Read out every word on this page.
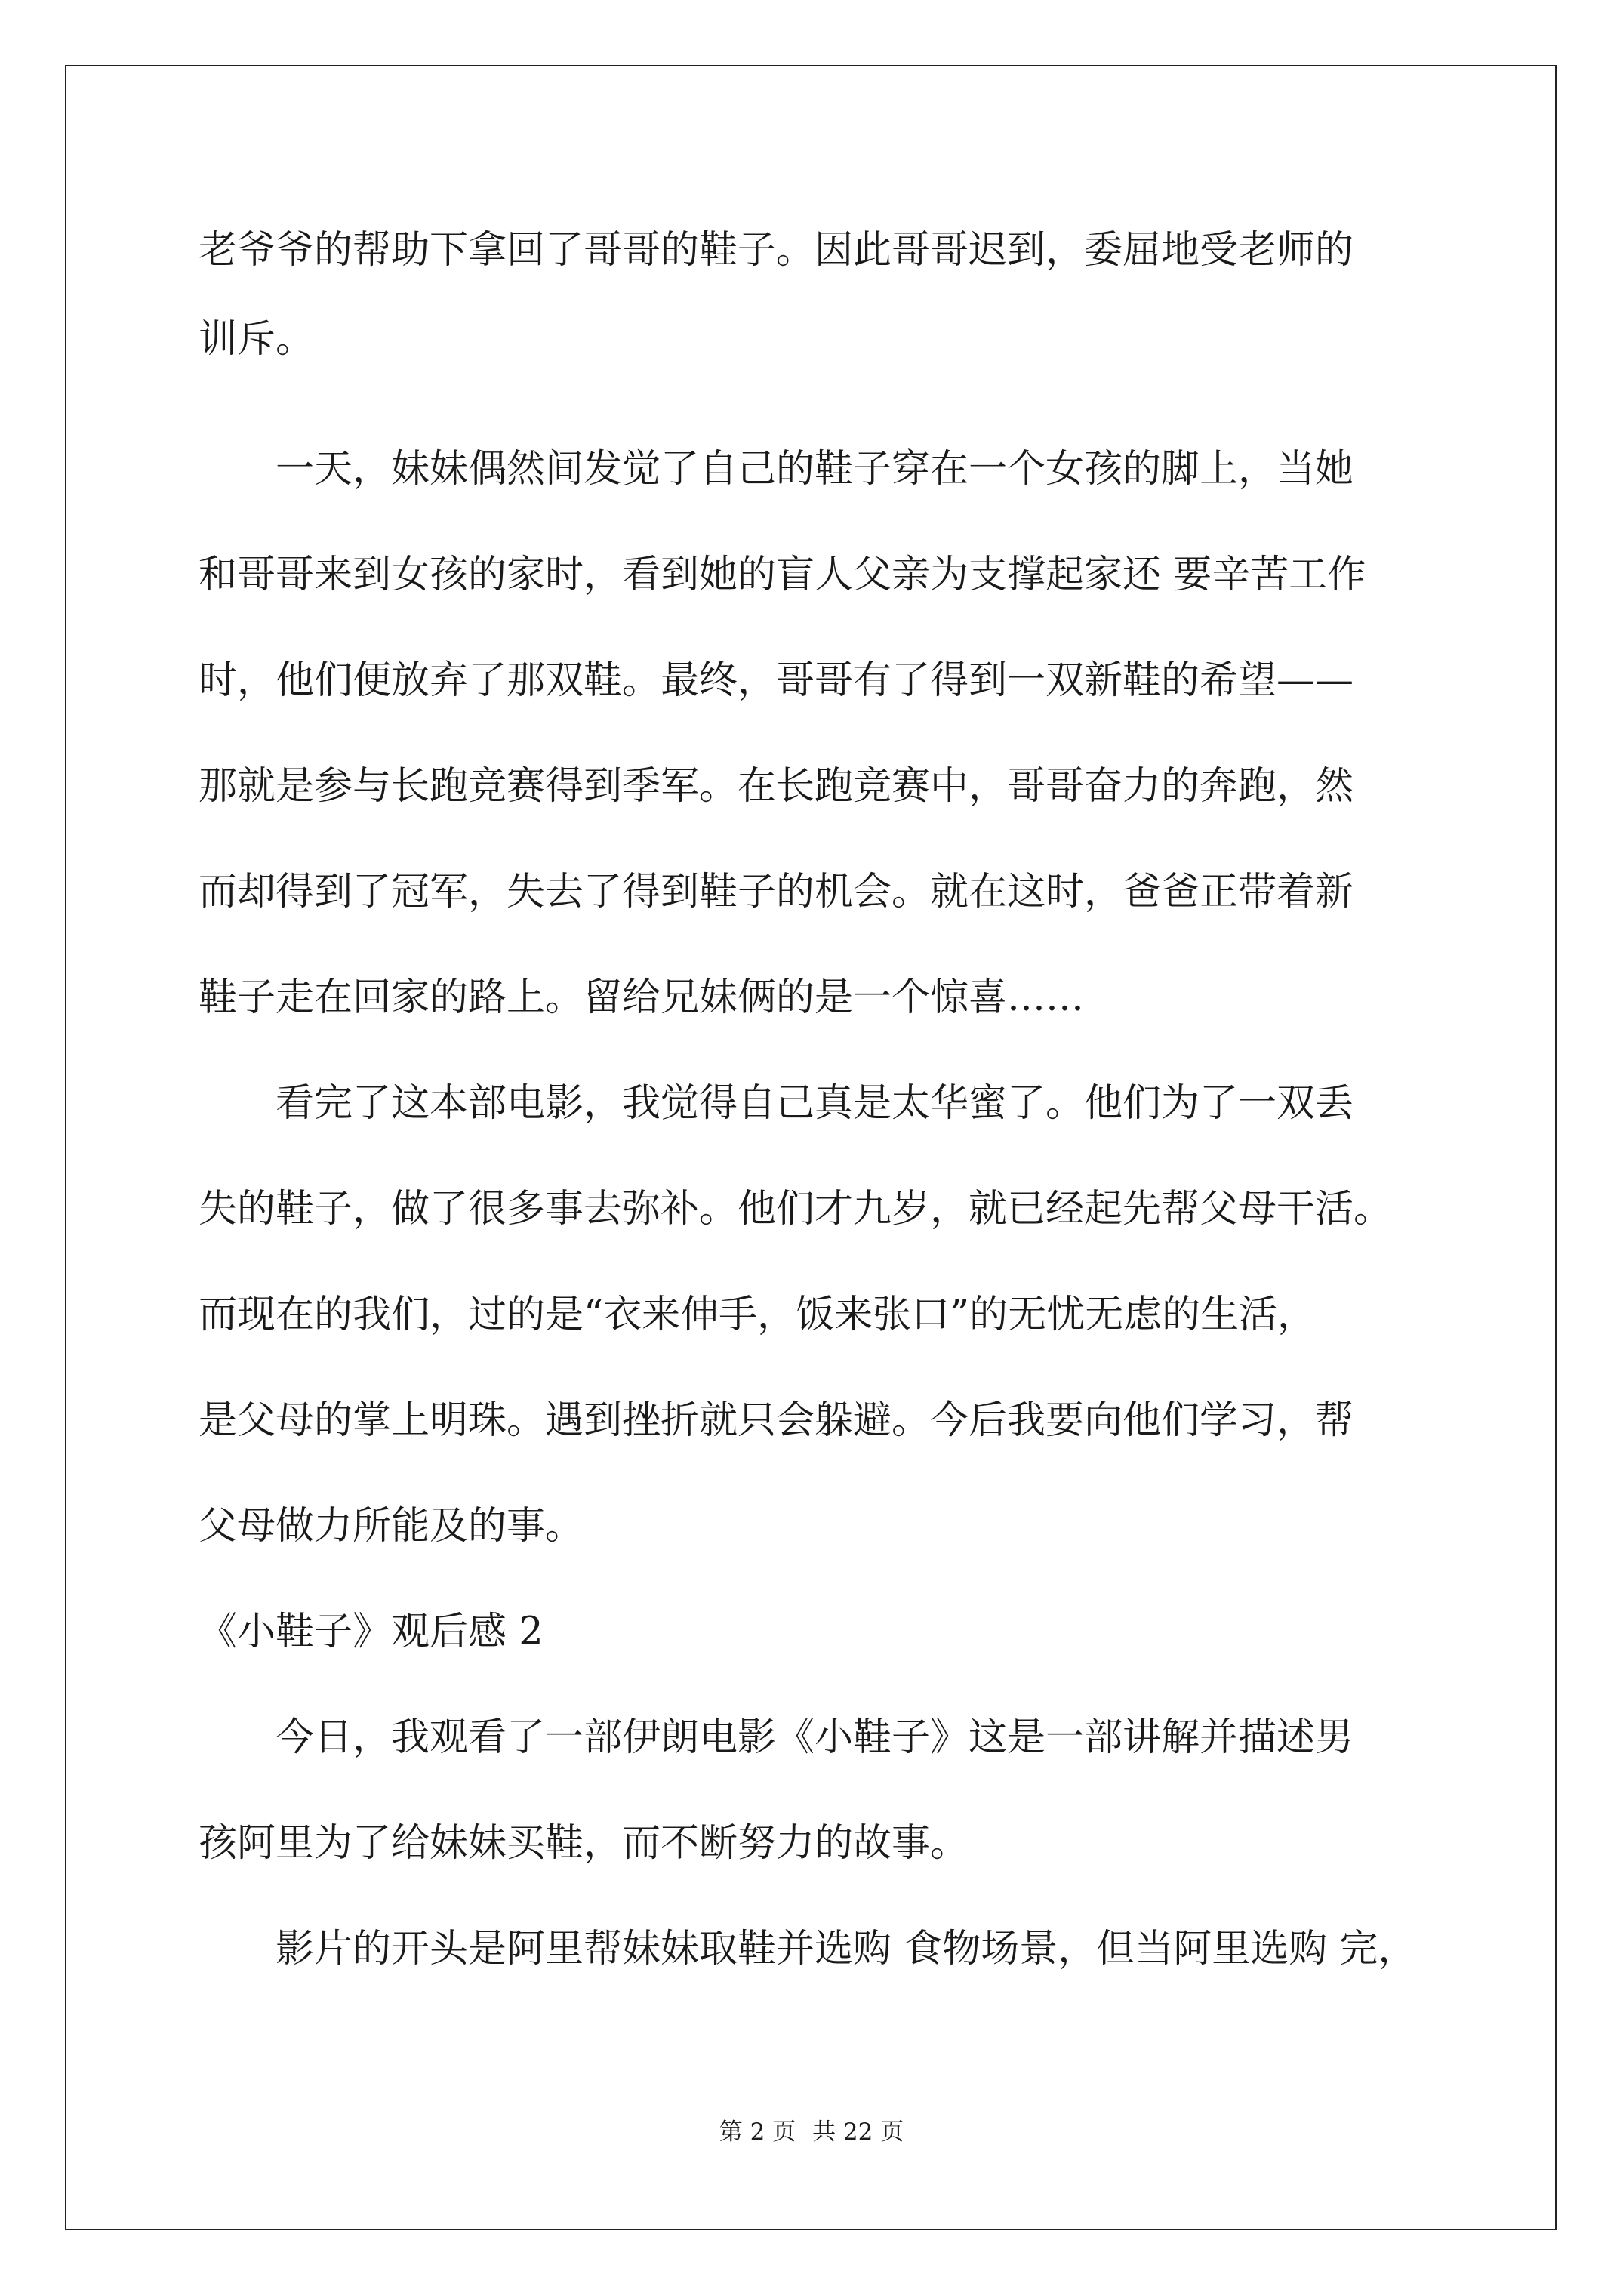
老爷爷的帮助下拿回了哥哥的鞋子。因此哥哥迟到，委屈地受老师的

训斥。

一天，妹妹偶然间发觉了自己的鞋子穿在一个女孩的脚上，当她

和哥哥来到女孩的家时，看到她的盲人父亲为支撑起家还 要辛苦工作

时，他们便放弃了那双鞋。最终，哥哥有了得到一双新鞋的希望——

那就是参与长跑竞赛得到季军。在长跑竞赛中，哥哥奋力的奔跑，然

而却得到了冠军，失去了得到鞋子的机会。就在这时，爸爸正带着新

鞋子走在回家的路上。留给兄妹俩的是一个惊喜……

看完了这本部电影，我觉得自己真是太华蜜了。他们为了一双丢

失的鞋子，做了很多事去弥补。他们才九岁，就已经起先帮父母干活。

而现在的我们，过的是“衣来伸手，饭来张口”的无忧无虑的生活，

是父母的掌上明珠。遇到挫折就只会躲避。今后我要向他们学习，帮

父母做力所能及的事。

《小鞋子》观后感 2

今日，我观看了一部伊朗电影《小鞋子》这是一部讲解并描述男

孩阿里为了给妹妹买鞋，而不断努力的故事。

影片的开头是阿里帮妹妹取鞋并选购 食物场景，但当阿里选购 完，

第 2 页 共 22 页
